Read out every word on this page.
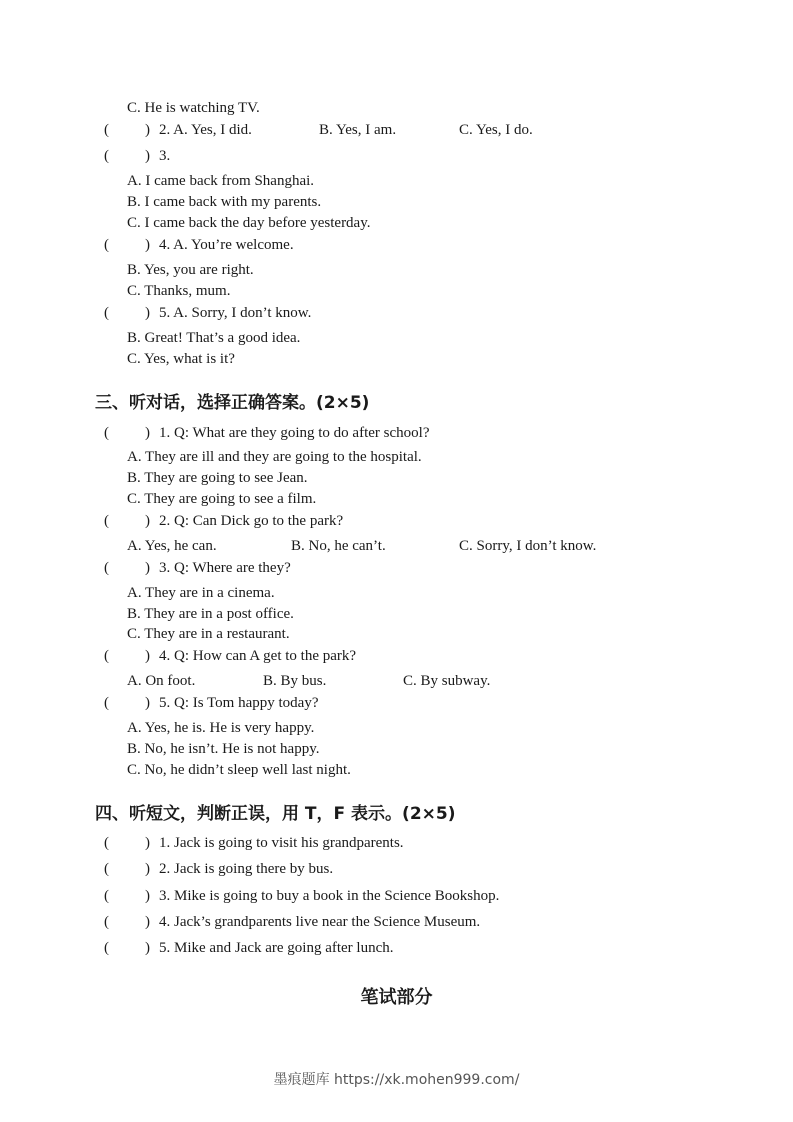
C. He is watching TV.
( ) 2. A. Yes, I did.	B. Yes, I am.	C. Yes, I do.
( ) 3.
A. I came back from Shanghai.
B. I came back with my parents.
C. I came back the day before yesterday.
( ) 4. A. You’re welcome.
B. Yes, you are right.
C. Thanks, mum.
( ) 5. A. Sorry, I don’t know.
B. Great! That’s a good idea.
C. Yes, what is it?
三、听对话，选择正确答案。(2×5)
( ) 1. Q: What are they going to do after school?
A. They are ill and they are going to the hospital.
B. They are going to see Jean.
C. They are going to see a film.
( ) 2. Q: Can Dick go to the park?
A. Yes, he can.	B. No, he can’t.	C. Sorry, I don’t know.
( ) 3. Q: Where are they?
A. They are in a cinema.
B. They are in a post office.
C. They are in a restaurant.
( ) 4. Q: How can A get to the park?
A. On foot.	B. By bus.	C. By subway.
( ) 5. Q: Is Tom happy today?
A. Yes, he is. He is very happy.
B. No, he isn’t. He is not happy.
C. No, he didn’t sleep well last night.
四、听短文，判断正误，用 T，F 表示。(2×5)
( ) 1. Jack is going to visit his grandparents.
( ) 2. Jack is going there by bus.
( ) 3. Mike is going to buy a book in the Science Bookshop.
( ) 4. Jack’s grandparents live near the Science Museum.
( ) 5. Mike and Jack are going after lunch.
笔试部分
墨痕题库 https://xk.mohen999.com/
